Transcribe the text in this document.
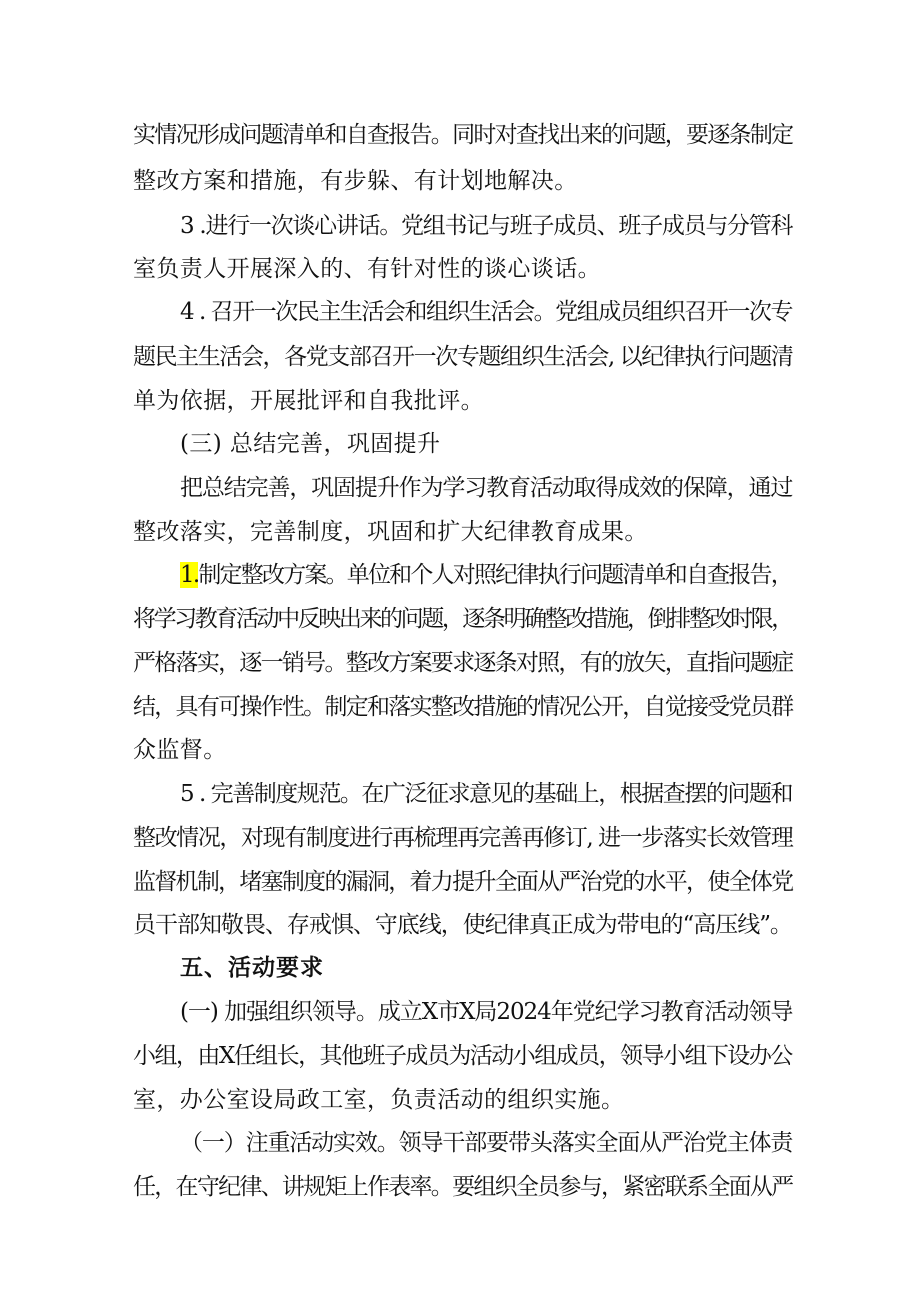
实情况形成问题清单和自查报告。同时对查找出来的问题，要逐条制定
整改方案和措施，有步躲、有计划地解决。
3 .进行一次谈心讲话。党组书记与班子成员、班子成员与分管科
室负责人开展深入的、有针对性的谈心谈话。
4 . 召开一次民主生活会和组织生活会。党组成员组织召开一次专
题民主生活会，各党支部召开一次专题组织生活会, 以纪律执行问题清
单为依据，开展批评和自我批评。
(三) 总结完善，巩固提升
把总结完善，巩固提升作为学习教育活动取得成效的保障，通过
整改落实，完善制度，巩固和扩大纪律教育成果。
1.制定整改方案。单位和个人对照纪律执行问题清单和自查报告，
将学习教育活动中反映出来的问题，逐条明确整改措施，倒排整改时限，
严格落实，逐一销号。整改方案要求逐条对照，有的放矢，直指问题症
结，具有可操作性。制定和落实整改措施的情况公开，自觉接受党员群
众监督。
5 . 完善制度规范。在广泛征求意见的基础上，根据查摆的问题和
整改情况，对现有制度进行再梳理再完善再修订, 进一步落实长效管理
监督机制，堵塞制度的漏洞，着力提升全面从严治党的水平，使全体党
员干部知敬畏、存戒惧、守底线，使纪律真正成为带电的“高压线”。
五、活动要求
(一) 加强组织领导。成立X市X局2024年党纪学习教育活动领导
小组，由X任组长，其他班子成员为活动小组成员，领导小组下设办公
室，办公室设局政工室，负责活动的组织实施。
（一）注重活动实效。领导干部要带头落实全面从严治党主体责
任，在守纪律、讲规矩上作表率。要组织全员参与，紧密联系全面从严
